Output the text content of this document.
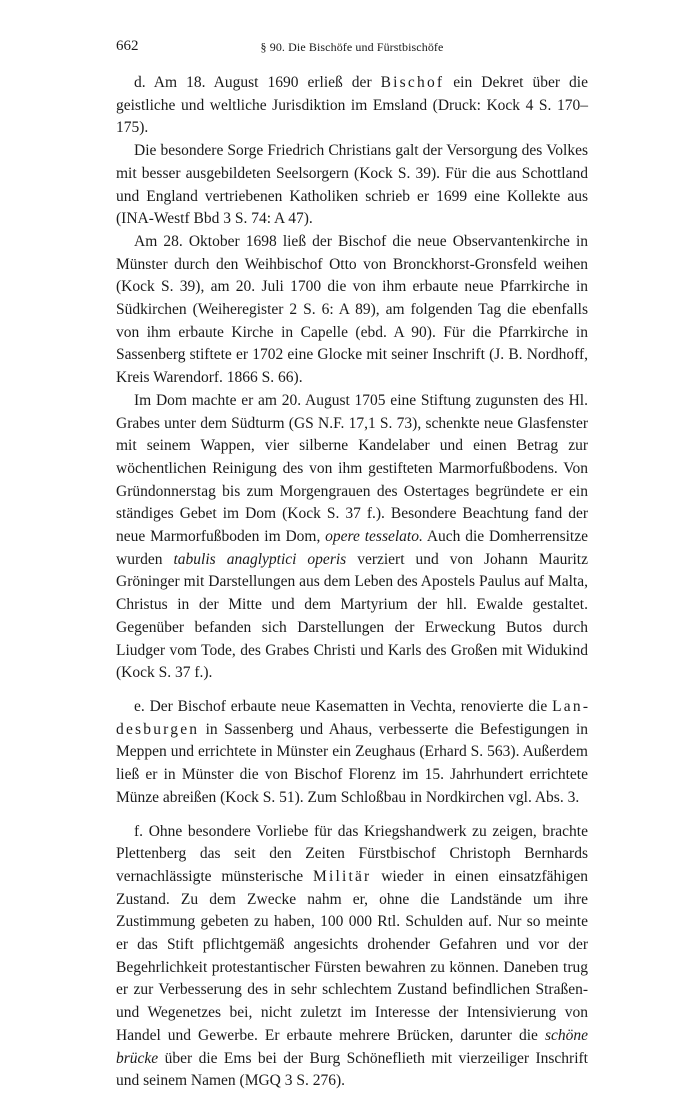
662	§ 90. Die Bischöfe und Fürstbischöfe

d. Am 18. August 1690 erließ der Bischof ein Dekret über die geistliche und weltliche Jurisdiktion im Emsland (Druck: Kock 4 S. 170–175).

Die besondere Sorge Friedrich Christians galt der Versorgung des Volkes mit besser ausgebildeten Seelsorgern (Kock S. 39). Für die aus Schottland und England vertriebenen Katholiken schrieb er 1699 eine Kollekte aus (INA-Westf Bbd 3 S. 74: A 47).

Am 28. Oktober 1698 ließ der Bischof die neue Observantenkirche in Münster durch den Weihbischof Otto von Bronckhorst-Gronsfeld weihen (Kock S. 39), am 20. Juli 1700 die von ihm erbaute neue Pfarrkirche in Südkirchen (Weiheregister 2 S. 6: A 89), am folgenden Tag die ebenfalls von ihm erbaute Kirche in Capelle (ebd. A 90). Für die Pfarrkirche in Sassenberg stiftete er 1702 eine Glocke mit seiner Inschrift (J. B. Nordhoff, Kreis Warendorf. 1866 S. 66).

Im Dom machte er am 20. August 1705 eine Stiftung zugunsten des Hl. Grabes unter dem Südturm (GS N.F. 17,1 S. 73), schenkte neue Glasfenster mit seinem Wappen, vier silberne Kandelaber und einen Betrag zur wöchentlichen Reinigung des von ihm gestifteten Marmorfußbodens. Von Gründonnerstag bis zum Morgengrauen des Ostertages begründete er ein ständiges Gebet im Dom (Kock S. 37 f.). Besondere Beachtung fand der neue Marmorfußboden im Dom, opere tesselato. Auch die Domherrensitze wurden tabulis anaglyptici operis verziert und von Johann Mauritz Gröninger mit Darstellungen aus dem Leben des Apostels Paulus auf Malta, Christus in der Mitte und dem Martyrium der hll. Ewalde gestaltet. Gegenüber befanden sich Darstellungen der Erweckung Butos durch Liudger vom Tode, des Grabes Christi und Karls des Großen mit Widukind (Kock S. 37 f.).

e. Der Bischof erbaute neue Kasematten in Vechta, renovierte die Landesburgen in Sassenberg und Ahaus, verbesserte die Befestigungen in Meppen und errichtete in Münster ein Zeughaus (Erhard S. 563). Außerdem ließ er in Münster die von Bischof Florenz im 15. Jahrhundert errichtete Münze abreißen (Kock S. 51). Zum Schloßbau in Nordkirchen vgl. Abs. 3.

f. Ohne besondere Vorliebe für das Kriegshandwerk zu zeigen, brachte Plettenberg das seit den Zeiten Fürstbischof Christoph Bernhards vernachlässigte münsterische Militär wieder in einen einsatzfähigen Zustand. Zu dem Zwecke nahm er, ohne die Landstände um ihre Zustimmung gebeten zu haben, 100 000 Rtl. Schulden auf. Nur so meinte er das Stift pflichtgemäß angesichts drohender Gefahren und vor der Begehrlichkeit protestantischer Fürsten bewahren zu können. Daneben trug er zur Verbesserung des in sehr schlechtem Zustand befindlichen Straßen- und Wegenetzes bei, nicht zuletzt im Interesse der Intensivierung von Handel und Gewerbe. Er erbaute mehrere Brücken, darunter die schöne brücke über die Ems bei der Burg Schöneflieth mit vierzeiliger Inschrift und seinem Namen (MGQ 3 S. 276).
